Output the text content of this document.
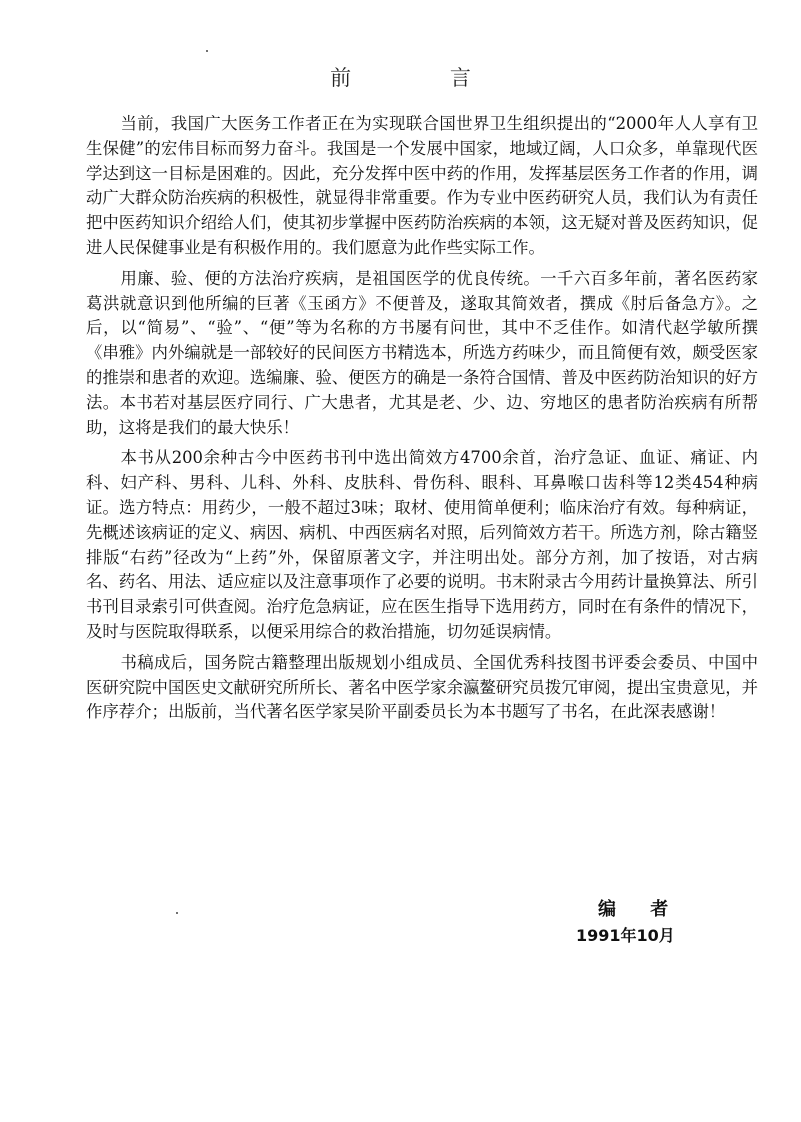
前 言

当前，我国广大医务工作者正在为实现联合国世界卫生组织提出的“2000年人人享有卫生保健”的宏伟目标而努力奋斗。我国是一个发展中国家，地域辽阔，人口众多，单靠现代医学达到这一目标是困难的。因此，充分发挥中医中药的作用，发挥基层医务工作者的作用，调动广大群众防治疾病的积极性，就显得非常重要。作为专业中医药研究人员，我们认为有责任把中医药知识介绍给人们，使其初步掌握中医药防治疾病的本领，这无疑对普及医药知识，促进人民保健事业是有积极作用的。我们愿意为此作些实际工作。

用廉、验、便的方法治疗疾病，是祖国医学的优良传统。一千六百多年前，著名医药家葛洪就意识到他所编的巨著《玉函方》不便普及，遂取其简效者，撰成《肘后备急方》。之后，以“简易”、“验”、“便”等为名称的方书屡有问世，其中不乏佳作。如清代赵学敏所撰《串雅》内外编就是一部较好的民间医方书精选本，所选方药味少，而且简便有效，颇受医家的推崇和患者的欢迎。选编廉、验、便医方的确是一条符合国情、普及中医药防治知识的好方法。本书若对基层医疗同行、广大患者，尤其是老、少、边、穷地区的患者防治疾病有所帮助，这将是我们的最大快乐！

本书从200余种古今中医药书刊中选出简效方4700余首，治疗急证、血证、痛证、内科、妇产科、男科、儿科、外科、皮肤科、骨伤科、眼科、耳鼻喉口齿科等12类454种病证。选方特点：用药少，一般不超过3味；取材、使用简单便利；临床治疗有效。每种病证，先概述该病证的定义、病因、病机、中西医病名对照，后列简效方若干。所选方剂，除古籍竖排版“右药”径改为“上药”外，保留原著文字，并注明出处。部分方剂，加了按语，对古病名、药名、用法、适应症以及注意事项作了必要的说明。书末附录古今用药计量换算法、所引书刊目录索引可供查阅。治疗危急病证，应在医生指导下选用药方，同时在有条件的情况下，及时与医院取得联系，以便采用综合的救治措施，切勿延误病情。

书稿成后，国务院古籍整理出版规划小组成员、全国优秀科技图书评委会委员、中国中医研究院中国医史文献研究所所长、著名中医学家余瀛鳌研究员拨冗审阅，提出宝贵意见，并作序荐介；出版前，当代著名医学家吴阶平副委员长为本书题写了书名，在此深表感谢！

编 者
1991年10月
